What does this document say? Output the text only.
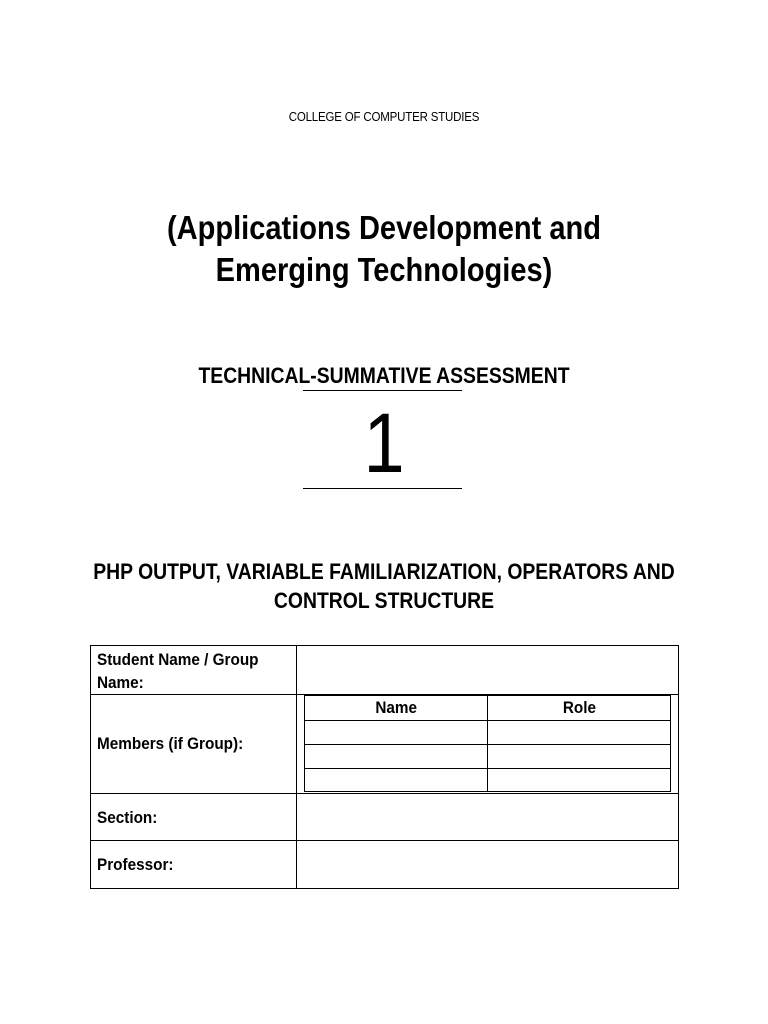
COLLEGE OF COMPUTER STUDIES
(Applications Development and Emerging Technologies)
TECHNICAL-SUMMATIVE ASSESSMENT
1
PHP OUTPUT, VARIABLE FAMILIARIZATION, OPERATORS AND CONTROL STRUCTURE
Student Name / Group Name:
Members (if Group):
Name	Role

Section:
Professor:
